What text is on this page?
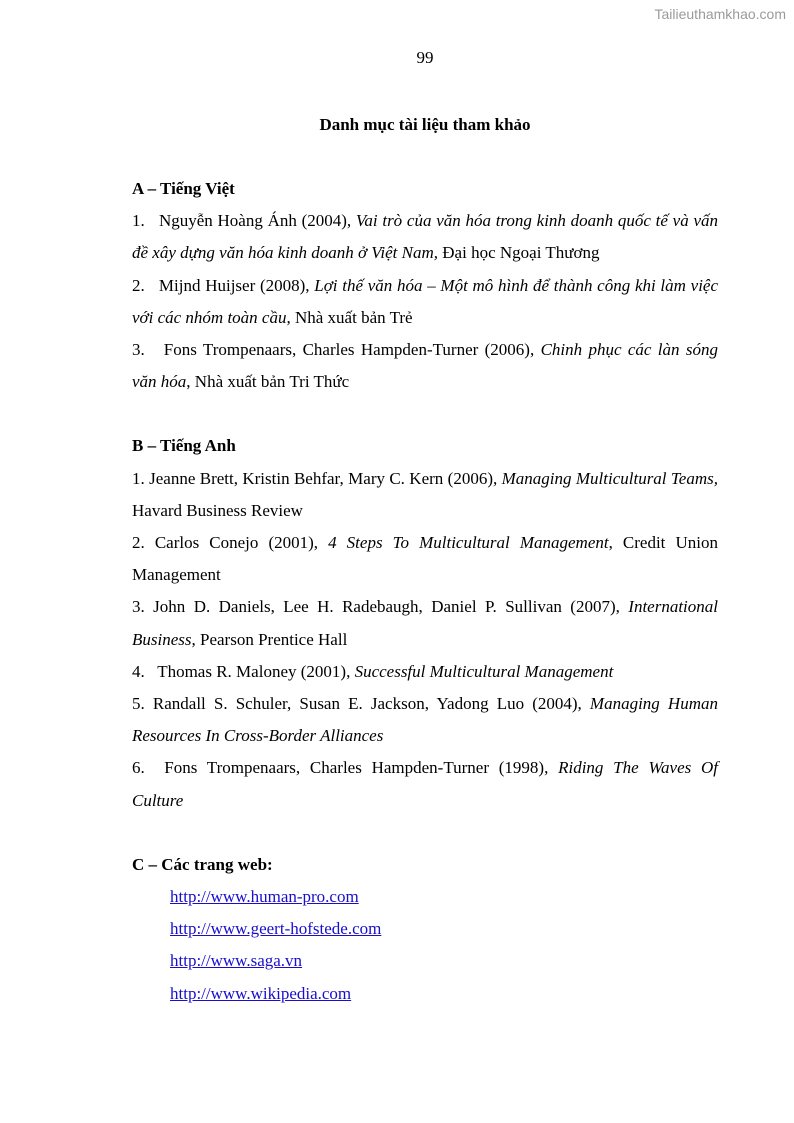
Tailieuthamkhao.com
99
Danh mục tài liệu tham khảo

A – Tiếng Việt

1. Nguyễn Hoàng Ánh (2004), Vai trò của văn hóa trong kinh doanh quốc tế và vấn đề xây dựng văn hóa kinh doanh ở Việt Nam, Đại học Ngoại Thương

2. Mijnd Huijser (2008), Lợi thế văn hóa – Một mô hình để thành công khi làm việc với các nhóm toàn cầu, Nhà xuất bản Trẻ

3. Fons Trompenaars, Charles Hampden-Turner (2006), Chinh phục các làn sóng văn hóa, Nhà xuất bản Tri Thức

B – Tiếng Anh

1. Jeanne Brett, Kristin Behfar, Mary C. Kern (2006), Managing Multicultural Teams, Havard Business Review

2. Carlos Conejo (2001), 4 Steps To Multicultural Management, Credit Union Management

3. John D. Daniels, Lee H. Radebaugh, Daniel P. Sullivan (2007), International Business, Pearson Prentice Hall

4. Thomas R. Maloney (2001), Successful Multicultural Management

5. Randall S. Schuler, Susan E. Jackson, Yadong Luo (2004), Managing Human Resources In Cross-Border Alliances

6. Fons Trompenaars, Charles Hampden-Turner (1998), Riding The Waves Of Culture

C – Các trang web:

http://www.human-pro.com
http://www.geert-hofstede.com
http://www.saga.vn
http://www.wikipedia.com
